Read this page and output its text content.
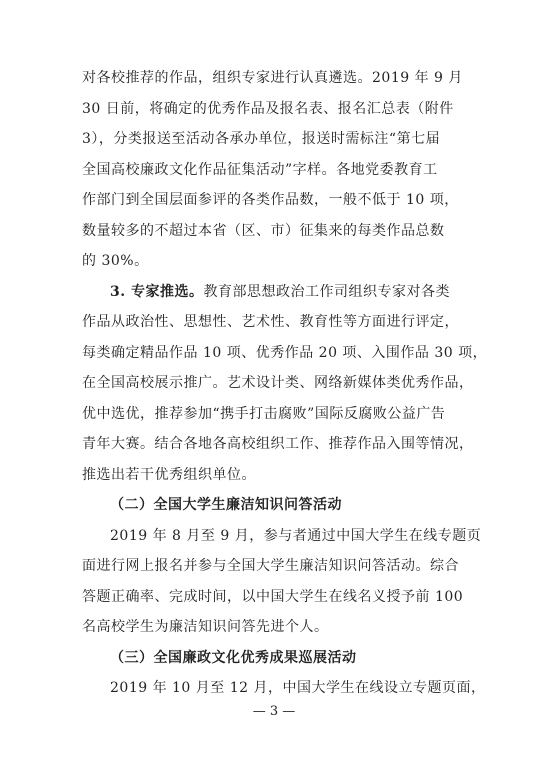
对各校推荐的作品，组织专家进行认真遴选。2019 年 9 月
30 日前，将确定的优秀作品及报名表、报名汇总表（附件
3），分类报送至活动各承办单位，报送时需标注“第七届
全国高校廉政文化作品征集活动”字样。各地党委教育工
作部门到全国层面参评的各类作品数，一般不低于 10 项，
数量较多的不超过本省（区、市）征集来的每类作品总数
的 30%。
3. 专家推选。教育部思想政治工作司组织专家对各类
作品从政治性、思想性、艺术性、教育性等方面进行评定，
每类确定精品作品 10 项、优秀作品 20 项、入围作品 30 项，
在全国高校展示推广。艺术设计类、网络新媒体类优秀作品，
优中选优，推荐参加“携手打击腐败”国际反腐败公益广告
青年大赛。结合各地各高校组织工作、推荐作品入围等情况，
推选出若干优秀组织单位。
（二）全国大学生廉洁知识问答活动
2019 年 8 月至 9 月，参与者通过中国大学生在线专题页
面进行网上报名并参与全国大学生廉洁知识问答活动。综合
答题正确率、完成时间，以中国大学生在线名义授予前 100
名高校学生为廉洁知识问答先进个人。
（三）全国廉政文化优秀成果巡展活动
2019 年 10 月至 12 月，中国大学生在线设立专题页面，
— 3 —
